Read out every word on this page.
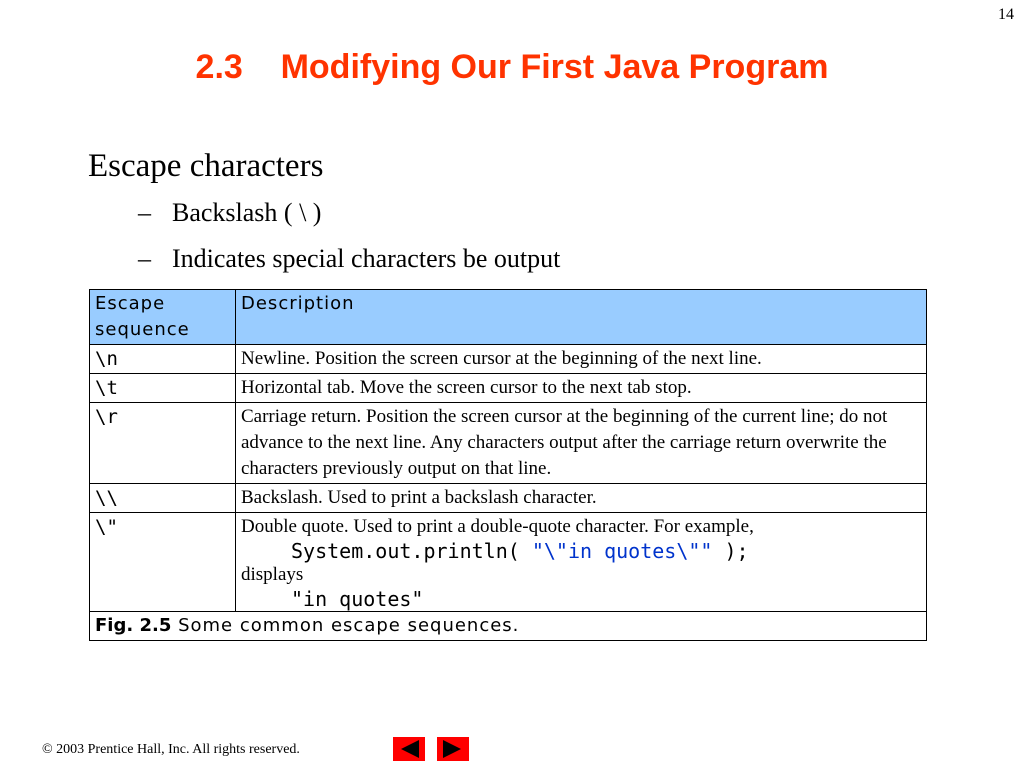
14
2.3    Modifying Our First Java Program
Escape characters
– Backslash ( \ )
– Indicates special characters be output
Escape sequence	Description
\n	Newline. Position the screen cursor at the beginning of the next line.
\t	Horizontal tab. Move the screen cursor to the next tab stop.
\r	Carriage return. Position the screen cursor at the beginning of the current line; do not advance to the next line. Any characters output after the carriage return overwrite the characters previously output on that line.
\\	Backslash. Used to print a backslash character.
\"	Double quote. Used to print a double-quote character. For example,
System.out.println( "\"in quotes\"" );
displays
"in quotes"

Fig. 2.5 Some common escape sequences.	
© 2003 Prentice Hall, Inc. All rights reserved.
